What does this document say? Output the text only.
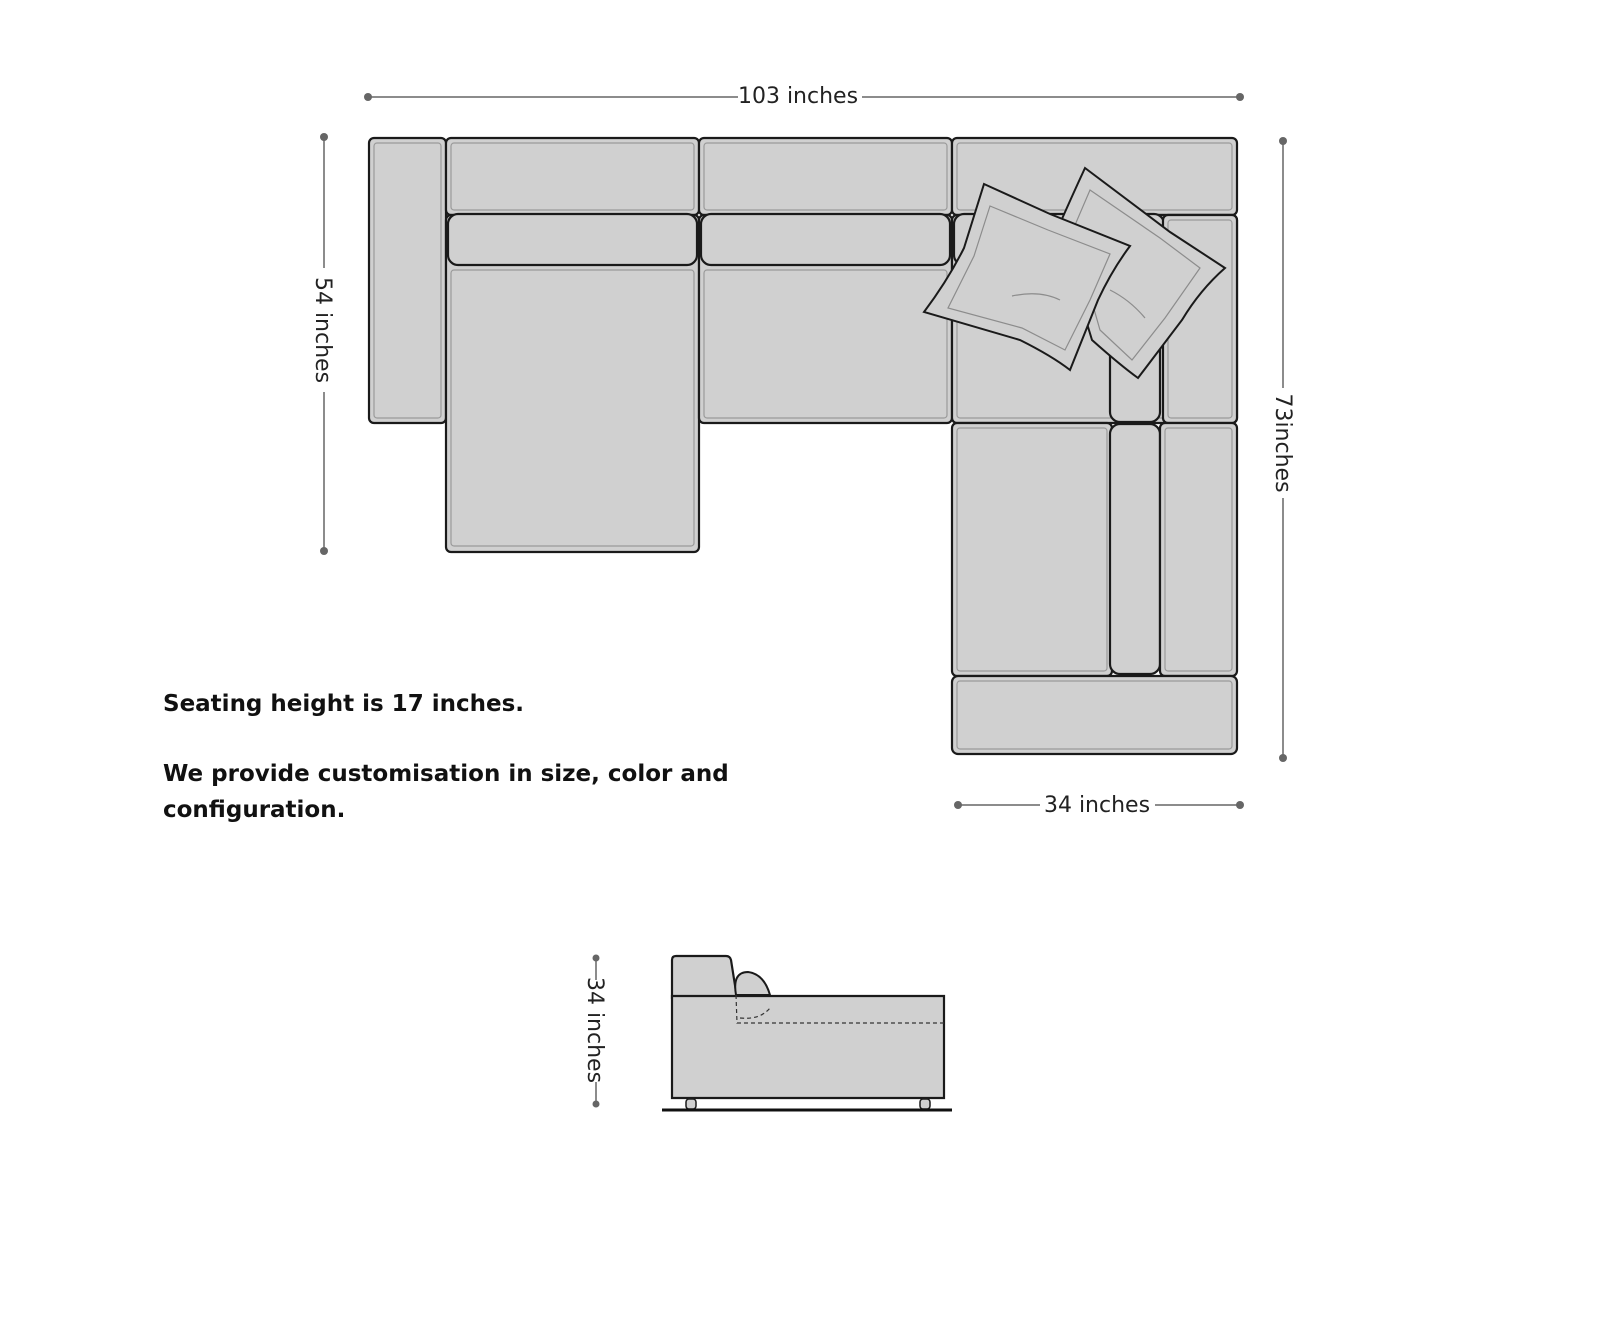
103 inches
54 inches
73inches
34 inches
34 inches

Seating height is 17 inches.

We provide customisation in size, color and configuration.
